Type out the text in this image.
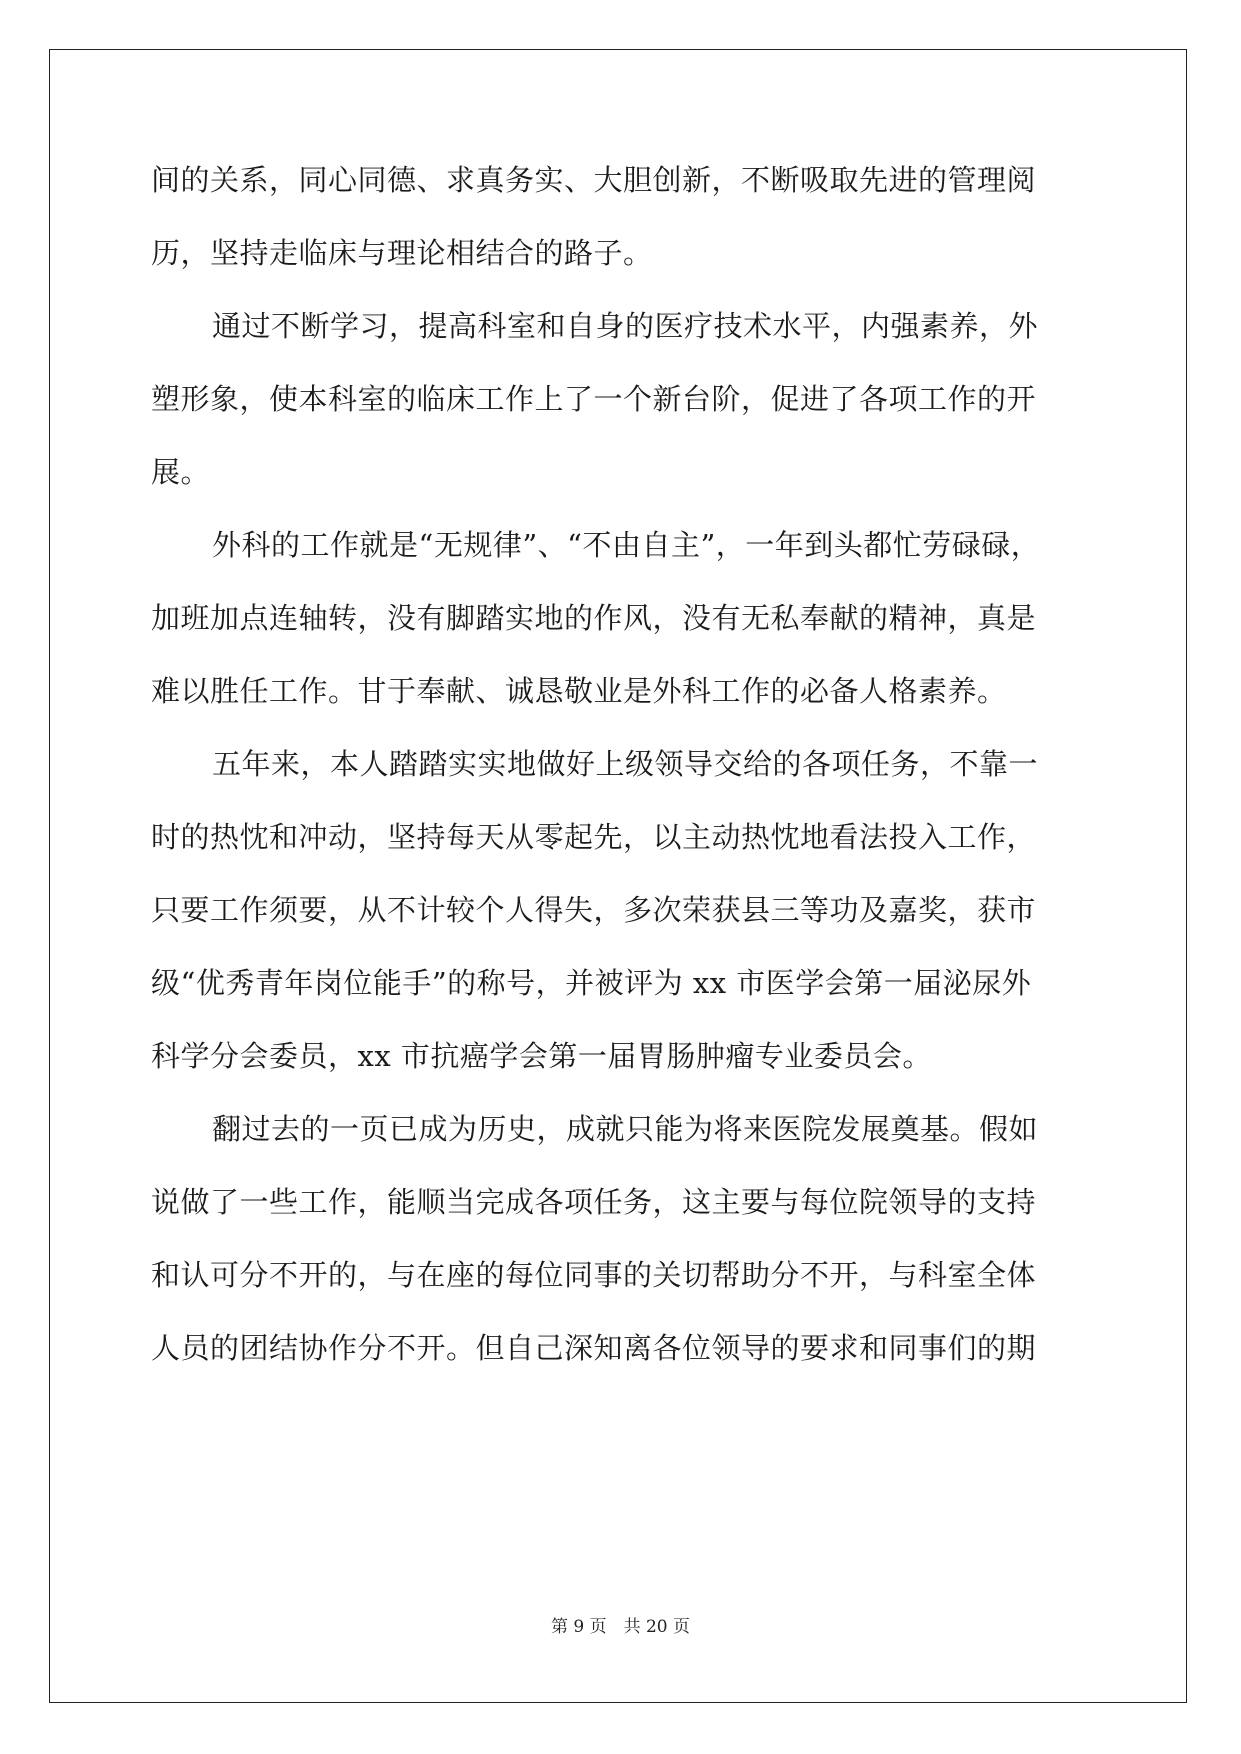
间的关系，同心同德、求真务实、大胆创新，不断吸取先进的管理阅
历，坚持走临床与理论相结合的路子。
通过不断学习，提高科室和自身的医疗技术水平，内强素养，外
塑形象，使本科室的临床工作上了一个新台阶，促进了各项工作的开
展。
外科的工作就是“无规律”、“不由自主”，一年到头都忙劳碌碌，
加班加点连轴转，没有脚踏实地的作风，没有无私奉献的精神，真是
难以胜任工作。甘于奉献、诚恳敬业是外科工作的必备人格素养。
五年来，本人踏踏实实地做好上级领导交给的各项任务，不靠一
时的热忱和冲动，坚持每天从零起先，以主动热忱地看法投入工作，
只要工作须要，从不计较个人得失，多次荣获县三等功及嘉奖，获市
级“优秀青年岗位能手”的称号，并被评为 xx 市医学会第一届泌尿外
科学分会委员，xx 市抗癌学会第一届胃肠肿瘤专业委员会。
翻过去的一页已成为历史，成就只能为将来医院发展奠基。假如
说做了一些工作，能顺当完成各项任务，这主要与每位院领导的支持
和认可分不开的，与在座的每位同事的关切帮助分不开，与科室全体
人员的团结协作分不开。但自己深知离各位领导的要求和同事们的期
第 9 页　共 20 页
